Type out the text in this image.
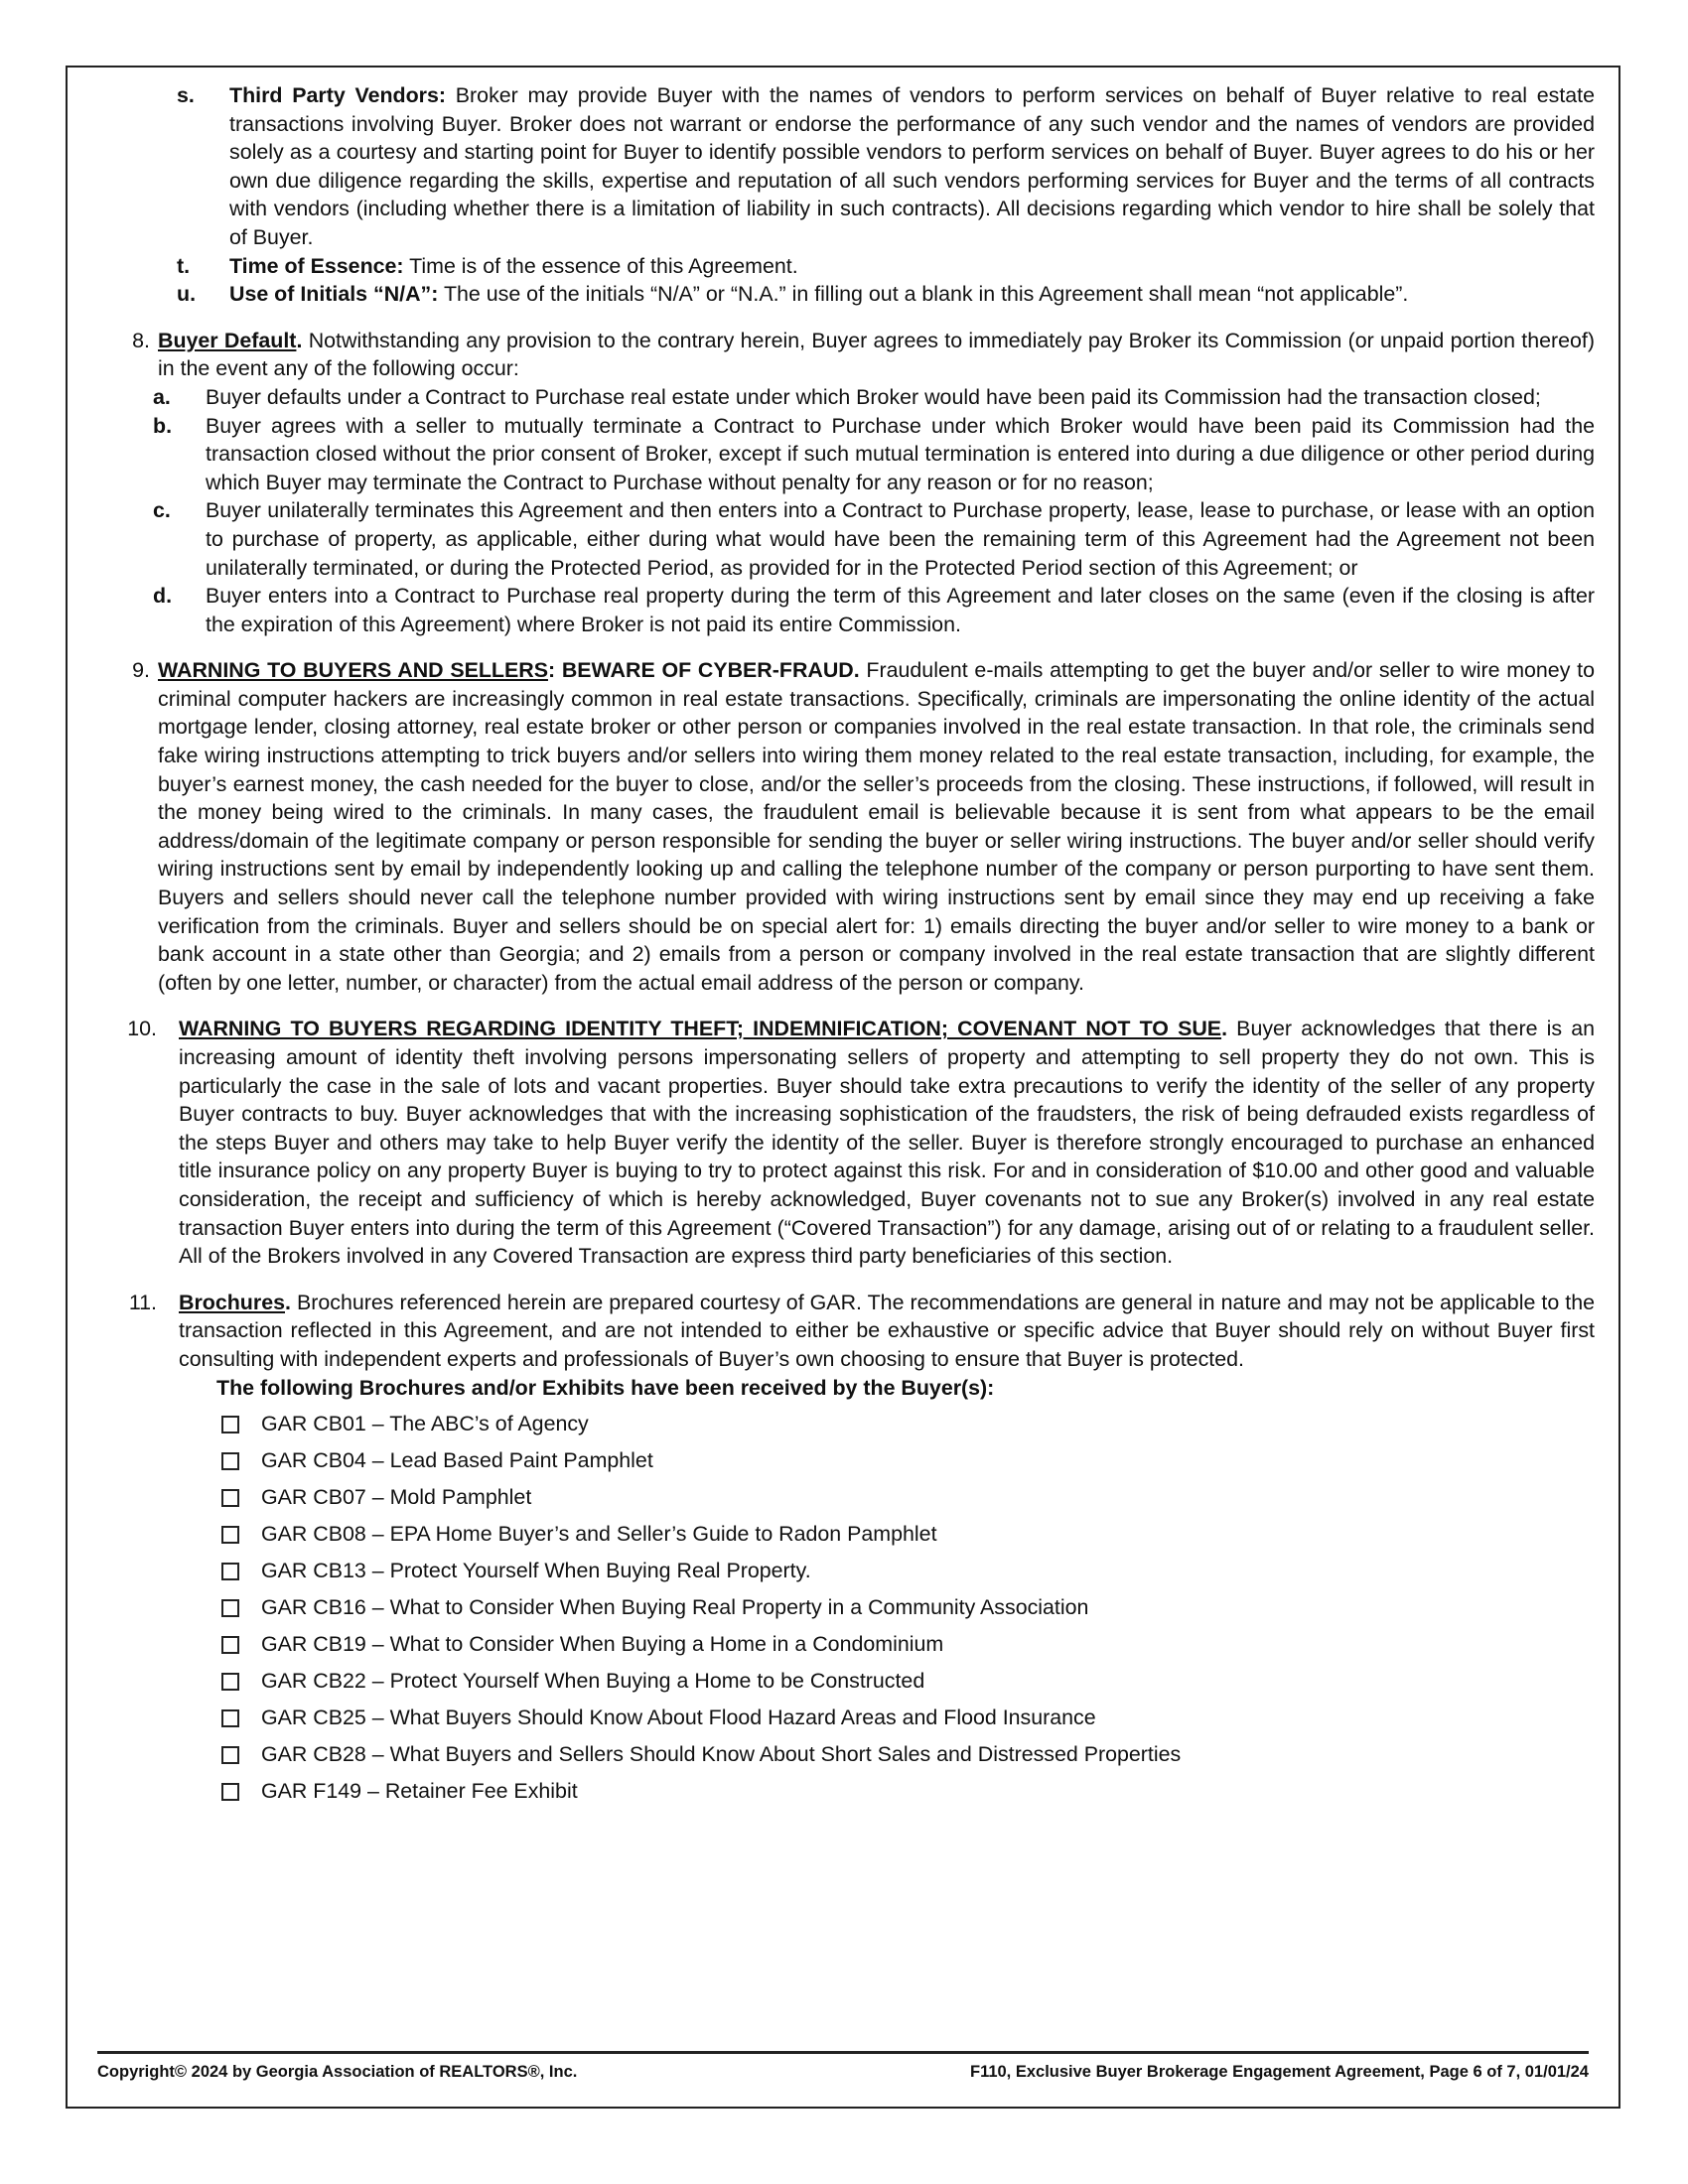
s.	Third Party Vendors: Broker may provide Buyer with the names of vendors to perform services on behalf of Buyer relative to real estate transactions involving Buyer. Broker does not warrant or endorse the performance of any such vendor and the names of vendors are provided solely as a courtesy and starting point for Buyer to identify possible vendors to perform services on behalf of Buyer. Buyer agrees to do his or her own due diligence regarding the skills, expertise and reputation of all such vendors performing services for Buyer and the terms of all contracts with vendors (including whether there is a limitation of liability in such contracts). All decisions regarding which vendor to hire shall be solely that of Buyer.
t.	Time of Essence: Time is of the essence of this Agreement.
u.	Use of Initials “N/A”: The use of the initials “N/A” or “N.A.” in filling out a blank in this Agreement shall mean “not applicable”.
8. Buyer Default. Notwithstanding any provision to the contrary herein, Buyer agrees to immediately pay Broker its Commission (or unpaid portion thereof) in the event any of the following occur:
a.	Buyer defaults under a Contract to Purchase real estate under which Broker would have been paid its Commission had the transaction closed;
b.	Buyer agrees with a seller to mutually terminate a Contract to Purchase under which Broker would have been paid its Commission had the transaction closed without the prior consent of Broker, except if such mutual termination is entered into during a due diligence or other period during which Buyer may terminate the Contract to Purchase without penalty for any reason or for no reason;
c.	Buyer unilaterally terminates this Agreement and then enters into a Contract to Purchase property, lease, lease to purchase, or lease with an option to purchase of property, as applicable, either during what would have been the remaining term of this Agreement had the Agreement not been unilaterally terminated, or during the Protected Period, as provided for in the Protected Period section of this Agreement; or
d.	Buyer enters into a Contract to Purchase real property during the term of this Agreement and later closes on the same (even if the closing is after the expiration of this Agreement) where Broker is not paid its entire Commission.
9. WARNING TO BUYERS AND SELLERS: BEWARE OF CYBER-FRAUD. Fraudulent e-mails attempting to get the buyer and/or seller to wire money to criminal computer hackers are increasingly common in real estate transactions. Specifically, criminals are impersonating the online identity of the actual mortgage lender, closing attorney, real estate broker or other person or companies involved in the real estate transaction. In that role, the criminals send fake wiring instructions attempting to trick buyers and/or sellers into wiring them money related to the real estate transaction, including, for example, the buyer’s earnest money, the cash needed for the buyer to close, and/or the seller’s proceeds from the closing. These instructions, if followed, will result in the money being wired to the criminals. In many cases, the fraudulent email is believable because it is sent from what appears to be the email address/domain of the legitimate company or person responsible for sending the buyer or seller wiring instructions. The buyer and/or seller should verify wiring instructions sent by email by independently looking up and calling the telephone number of the company or person purporting to have sent them. Buyers and sellers should never call the telephone number provided with wiring instructions sent by email since they may end up receiving a fake verification from the criminals. Buyer and sellers should be on special alert for: 1) emails directing the buyer and/or seller to wire money to a bank or bank account in a state other than Georgia; and 2) emails from a person or company involved in the real estate transaction that are slightly different (often by one letter, number, or character) from the actual email address of the person or company.
10.	WARNING TO BUYERS REGARDING IDENTITY THEFT; INDEMNIFICATION; COVENANT NOT TO SUE. Buyer acknowledges that there is an increasing amount of identity theft involving persons impersonating sellers of property and attempting to sell property they do not own. This is particularly the case in the sale of lots and vacant properties. Buyer should take extra precautions to verify the identity of the seller of any property Buyer contracts to buy. Buyer acknowledges that with the increasing sophistication of the fraudsters, the risk of being defrauded exists regardless of the steps Buyer and others may take to help Buyer verify the identity of the seller. Buyer is therefore strongly encouraged to purchase an enhanced title insurance policy on any property Buyer is buying to try to protect against this risk. For and in consideration of $10.00 and other good and valuable consideration, the receipt and sufficiency of which is hereby acknowledged, Buyer covenants not to sue any Broker(s) involved in any real estate transaction Buyer enters into during the term of this Agreement (“Covered Transaction”) for any damage, arising out of or relating to a fraudulent seller. All of the Brokers involved in any Covered Transaction are express third party beneficiaries of this section.
11.	Brochures. Brochures referenced herein are prepared courtesy of GAR. The recommendations are general in nature and may not be applicable to the transaction reflected in this Agreement, and are not intended to either be exhaustive or specific advice that Buyer should rely on without Buyer first consulting with independent experts and professionals of Buyer’s own choosing to ensure that Buyer is protected.
The following Brochures and/or Exhibits have been received by the Buyer(s):
GAR CB01 – The ABC’s of Agency
GAR CB04 – Lead Based Paint Pamphlet
GAR CB07 – Mold Pamphlet
GAR CB08 – EPA Home Buyer’s and Seller’s Guide to Radon Pamphlet
GAR CB13 – Protect Yourself When Buying Real Property.
GAR CB16 – What to Consider When Buying Real Property in a Community Association
GAR CB19 – What to Consider When Buying a Home in a Condominium
GAR CB22 – Protect Yourself When Buying a Home to be Constructed
GAR CB25 – What Buyers Should Know About Flood Hazard Areas and Flood Insurance
GAR CB28 – What Buyers and Sellers Should Know About Short Sales and Distressed Properties
GAR F149 – Retainer Fee Exhibit
Copyright© 2024 by Georgia Association of REALTORS®, Inc.	F110, Exclusive Buyer Brokerage Engagement Agreement, Page 6 of 7, 01/01/24
